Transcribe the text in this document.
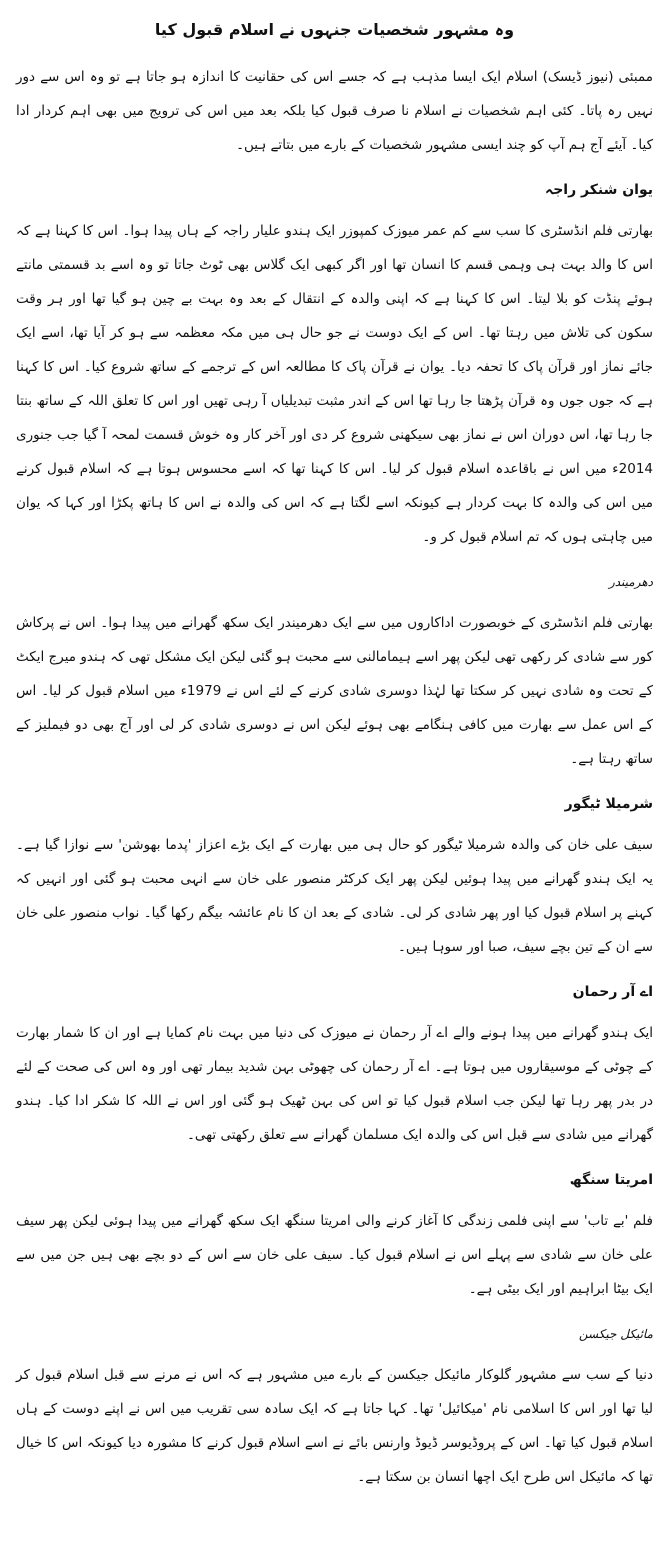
وہ مشہور شخصیات جنہوں نے اسلام قبول کیا

ممبئی (نیوز ڈیسک) اسلام ایک ایسا مذہب ہے کہ جسے اس کی حقانیت کا اندازہ ہو جاتا ہے تو وہ اس سے دور نہیں رہ پاتا۔ کئی اہم شخصیات نے اسلام نا صرف قبول کیا بلکہ بعد میں اس کی ترویج میں بھی اہم کردار ادا کیا۔ آیئے آج ہم آپ کو چند ایسی مشہور شخصیات کے بارے میں بتاتے ہیں۔

یوان شنکر راجہ

بھارتی فلم انڈسٹری کا سب سے کم عمر میوزک کمپوزر ایک ہندو علیار راجہ کے ہاں پیدا ہوا۔ اس کا کہنا ہے کہ اس کا والد بہت ہی وہمی قسم کا انسان تھا اور اگر کبھی ایک گلاس بھی ٹوٹ جاتا تو وہ اسے بد قسمتی مانتے ہوئے پنڈت کو بلا لیتا۔ اس کا کہنا ہے کہ اپنی والدہ کے انتقال کے بعد وہ بہت بے چین ہو گیا تھا اور ہر وقت سکون کی تلاش میں رہتا تھا۔ اس کے ایک دوست نے جو حال ہی میں مکہ معظمہ سے ہو کر آیا تھا، اسے ایک جائے نماز اور قرآن پاک کا تحفہ دیا۔ یوان نے قرآن پاک کا مطالعہ اس کے ترجمے کے ساتھ شروع کیا۔ اس کا کہنا ہے کہ جوں جوں وہ قرآن پڑھتا جا رہا تھا اس کے اندر مثبت تبدیلیاں آ رہی تھیں اور اس کا تعلق اللہ کے ساتھ بنتا جا رہا تھا، اس دوران اس نے نماز بھی سیکھنی شروع کر دی اور آخر کار وہ خوش قسمت لمحہ آ گیا جب جنوری 2014ء میں اس نے باقاعدہ اسلام قبول کر لیا۔ اس کا کہنا تھا کہ اسے محسوس ہوتا ہے کہ اسلام قبول کرنے میں اس کی والدہ کا بہت کردار ہے کیونکہ اسے لگتا ہے کہ اس کی والدہ نے اس کا ہاتھ پکڑا اور کہا کہ یوان میں چاہتی ہوں کہ تم اسلام قبول کر و۔

دھرمیندر

بھارتی فلم انڈسٹری کے خوبصورت اداکاروں میں سے ایک دھرمیندر ایک سکھ گھرانے میں پیدا ہوا۔ اس نے پرکاش کور سے شادی کر رکھی تھی لیکن پھر اسے ہیمامالنی سے محبت ہو گئی لیکن ایک مشکل تھی کہ ہندو میرج ایکٹ کے تحت وہ شادی نہیں کر سکتا تھا لہٰذا دوسری شادی کرنے کے لئے اس نے 1979ء میں اسلام قبول کر لیا۔ اس کے اس عمل سے بھارت میں کافی ہنگامے بھی ہوئے لیکن اس نے دوسری شادی کر لی اور آج بھی دو فیملیز کے ساتھ رہتا ہے۔

شرمیلا ٹیگور

سیف علی خان کی والدہ شرمیلا ٹیگور کو حال ہی میں بھارت کے ایک بڑے اعزاز 'پدما بھوشن' سے نوازا گیا ہے۔ یہ ایک ہندو گھرانے میں پیدا ہوئیں لیکن پھر ایک کرکٹر منصور علی خان سے انہی محبت ہو گئی اور انہیں کہ کہنے پر اسلام قبول کیا اور پھر شادی کر لی۔ شادی کے بعد ان کا نام عائشہ بیگم رکھا گیا۔ نواب منصور علی خان سے ان کے تین بچے سیف، صبا اور سوہا ہیں۔

اے آر رحمان

ایک ہندو گھرانے میں پیدا ہونے والے اے آر رحمان نے میوزک کی دنیا میں بہت نام کمایا ہے اور ان کا شمار بھارت کے چوٹی کے موسیقاروں میں ہوتا ہے۔ اے آر رحمان کی چھوٹی بہن شدید بیمار تھی اور وہ اس کی صحت کے لئے در بدر پھر رہا تھا لیکن جب اسلام قبول کیا تو اس کی بہن ٹھیک ہو گئی اور اس نے اللہ کا شکر ادا کیا۔ ہندو گھرانے میں شادی سے قبل اس کی والدہ ایک مسلمان گھرانے سے تعلق رکھتی تھی۔

امریتا سنگھ

فلم 'بے تاب' سے اپنی فلمی زندگی کا آغاز کرنے والی امریتا سنگھ ایک سکھ گھرانے میں پیدا ہوئی لیکن پھر سیف علی خان سے شادی سے پہلے اس نے اسلام قبول کیا۔ سیف علی خان سے اس کے دو بچے بھی ہیں جن میں سے ایک بیٹا ابراہیم اور ایک بیٹی ہے۔

مائیکل جیکسن

دنیا کے سب سے مشہور گلوکار مائیکل جیکسن کے بارے میں مشہور ہے کہ اس نے مرنے سے قبل اسلام قبول کر لیا تھا اور اس کا اسلامی نام 'میکائیل' تھا۔ کہا جاتا ہے کہ ایک سادہ سی تقریب میں اس نے اپنے دوست کے ہاں اسلام قبول کیا تھا۔ اس کے پروڈیوسر ڈیوڈ وارنس بائے نے اسے اسلام قبول کرنے کا مشورہ دیا کیونکہ اس کا خیال تھا کہ مائیکل اس طرح ایک اچھا انسان بن سکتا ہے۔
